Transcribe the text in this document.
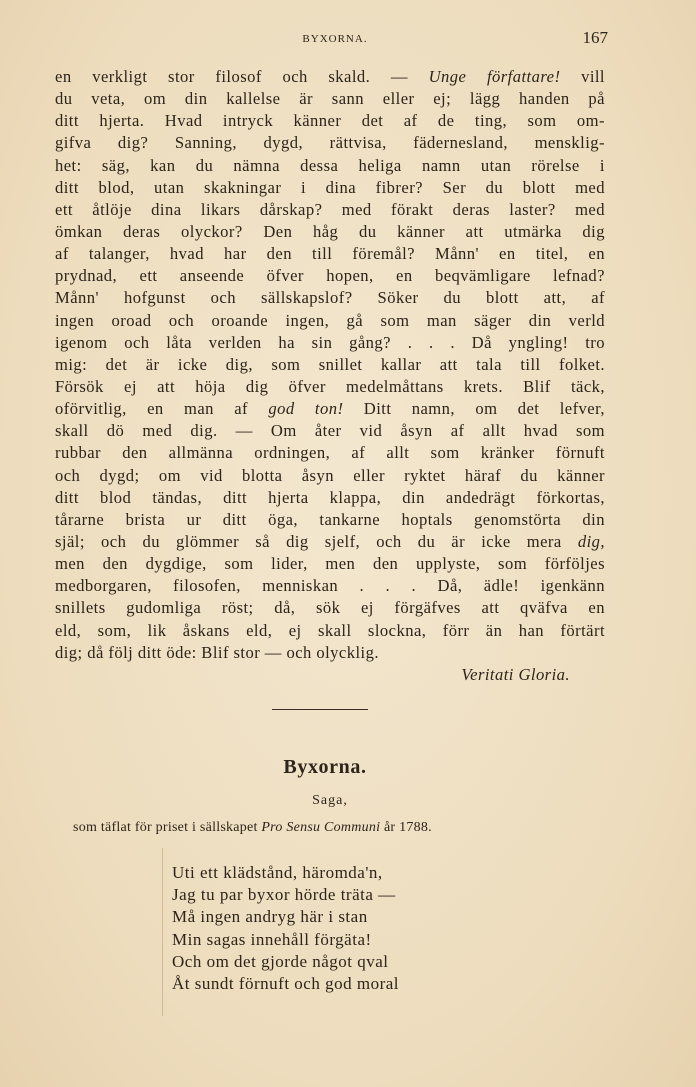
BYXORNA.	167
en verkligt stor filosof och skald. — Unge författare! vill
du veta, om din kallelse är sann eller ej; lägg handen på
ditt hjerta. Hvad intryck känner det af de ting, som om-
gifva dig? Sanning, dygd, rättvisa, fäderneslаnd, mensklig-
het: säg, kan du nämna dessa heliga namn utan rörelse i
ditt blod, utan skakningar i dina fibrer? Ser du blott med
ett åtlöje dina likars dårskap? med förakt deras laster? med
ömkan deras olyckor? Den håg du känner att utmärka dig
af talanger, hvad har den till föremål? Månn' en titel, en
prydnad, ett anseende öfver hopen, en beqvämligare lefnad?
Månn' hofgunst och sällskapslof? Söker du blott att, af
ingen oroad och oroande ingen, gå som man säger din verld
igenom och låta verlden ha sin gång? . . . Då yngling! tro
mig: det är icke dig, som snillet kallar att tala till folket.
Försök ej att höja dig öfver medelmåttans krets. Blif täck,
oförvitlig, en man af god ton! Ditt namn, om det lefver,
skall dö med dig. — Om åter vid åsyn af allt hvad som
rubbar den allmänna ordningen, af allt som kränker förnuft
och dygd; om vid blotta åsyn eller ryktet häraf du känner
ditt blod tändas, ditt hjerta klappa, din andedrägt förkortas,
tårarne brista ur ditt öga, tankarne hoptals genomstörta din
själ; och du glömmer så dig sjelf, och du är icke mera dig,
men den dygdige, som lider, men den upplyste, som förföljes
medborgaren, filosofen, menniskan . . . Då, ädle! igenkänn
snillets gudomliga röst; då, sök ej förgäfves att qväfva en
eld, som, lik åskans eld, ej skall slockna, förr än han förtärt
dig; då följ ditt öde: Blif stor — och olycklig.
Veritati Gloria.
Byxorna.
Saga,
som täflat för priset i sällskapet Pro Sensu Communi år 1788.
Uti ett klädstånd, häromda'n,
Jag tu par byxor hörde träta —
Må ingen andryg här i stan
Min sagas innehåll förgäta!
Och om det gjorde något qval
Åt sundt förnuft och god moral
